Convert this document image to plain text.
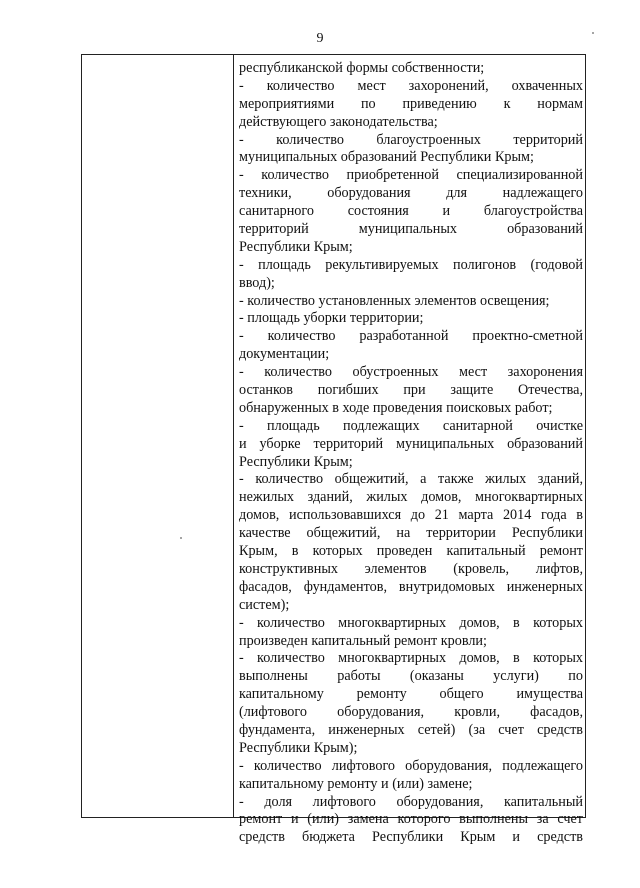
9
республиканской формы собственности;
- количество мест захоронений, охваченных
мероприятиями по приведению к нормам
действующего законодательства;
- количество благоустроенных территорий
муниципальных образований Республики Крым;
- количество приобретенной специализированной
техники, оборудования для надлежащего
санитарного состояния и благоустройства
территорий муниципальных образований
Республики Крым;
- площадь рекультивируемых полигонов (годовой
ввод);
- количество установленных элементов освещения;
- площадь уборки территории;
- количество разработанной проектно-сметной
документации;
- количество обустроенных мест захоронения
останков погибших при защите Отечества,
обнаруженных в ходе проведения поисковых работ;
- площадь подлежащих санитарной очистке
и уборке территорий муниципальных образований
Республики Крым;
- количество общежитий, а также жилых зданий,
нежилых зданий, жилых домов, многоквартирных
домов, использовавшихся до 21 марта 2014 года в
качестве общежитий, на территории Республики
Крым, в которых проведен капитальный ремонт
конструктивных элементов (кровель, лифтов,
фасадов, фундаментов, внутридомовых инженерных
систем);
- количество многоквартирных домов, в которых
произведен капитальный ремонт кровли;
- количество многоквартирных домов, в которых
выполнены работы (оказаны услуги) по
капитальному ремонту общего имущества
(лифтового оборудования, кровли, фасадов,
фундамента, инженерных сетей) (за счет средств
Республики Крым);
- количество лифтового оборудования, подлежащего
капитальному ремонту и (или) замене;
- доля лифтового оборудования, капитальный
ремонт и (или) замена которого выполнены за счет
средств бюджета Республики Крым и средств
